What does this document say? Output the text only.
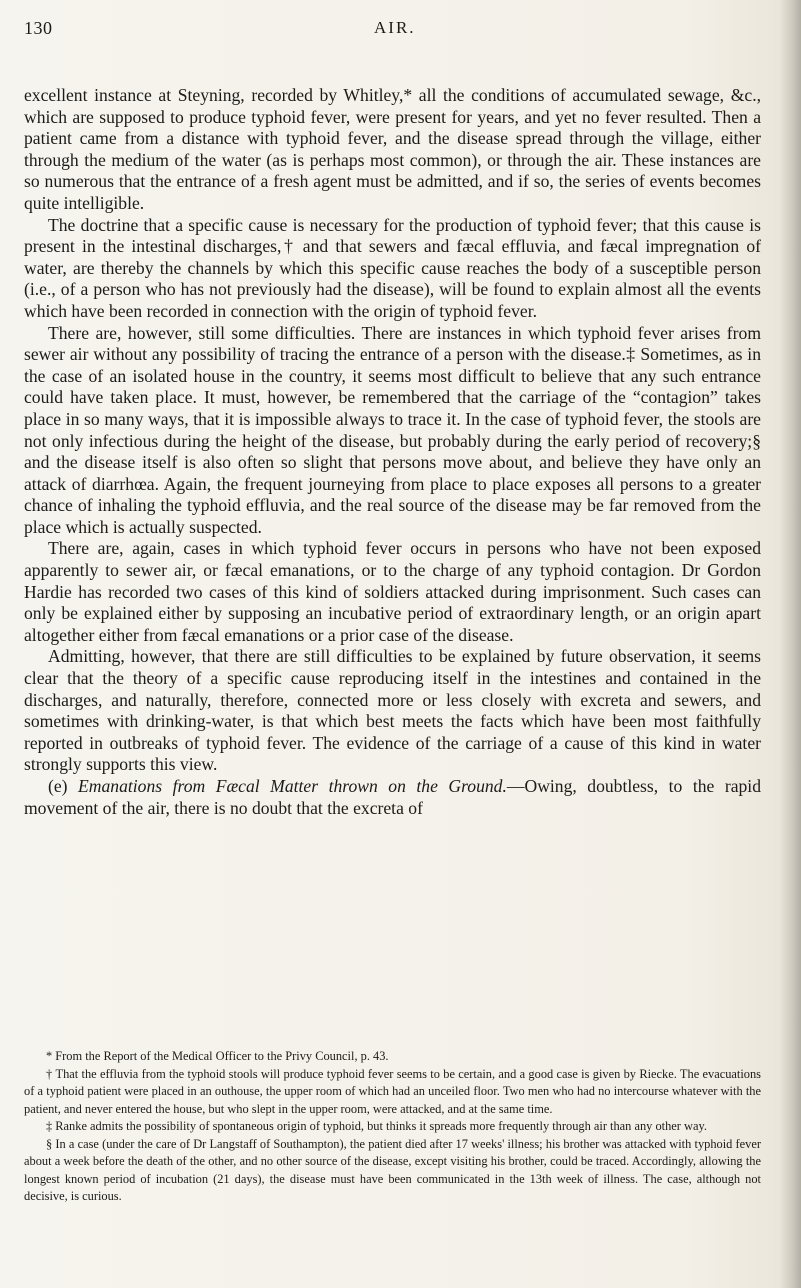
130	AIR.

excellent instance at Steyning, recorded by Whitley,* all the conditions of accumulated sewage, &c., which are supposed to produce typhoid fever, were present for years, and yet no fever resulted. Then a patient came from a distance with typhoid fever, and the disease spread through the village, either through the medium of the water (as is perhaps most common), or through the air. These instances are so numerous that the entrance of a fresh agent must be admitted, and if so, the series of events becomes quite intelligible.

The doctrine that a specific cause is necessary for the production of typhoid fever; that this cause is present in the intestinal discharges,† and that sewers and fæcal effluvia, and fæcal impregnation of water, are thereby the channels by which this specific cause reaches the body of a susceptible person (i.e., of a person who has not previously had the disease), will be found to explain almost all the events which have been recorded in connection with the origin of typhoid fever.

There are, however, still some difficulties. There are instances in which typhoid fever arises from sewer air without any possibility of tracing the entrance of a person with the disease.‡ Sometimes, as in the case of an isolated house in the country, it seems most difficult to believe that any such entrance could have taken place. It must, however, be remembered that the carriage of the “contagion” takes place in so many ways, that it is impossible always to trace it. In the case of typhoid fever, the stools are not only infectious during the height of the disease, but probably during the early period of recovery;§ and the disease itself is also often so slight that persons move about, and believe they have only an attack of diarrhœa. Again, the frequent journeying from place to place exposes all persons to a greater chance of inhaling the typhoid effluvia, and the real source of the disease may be far removed from the place which is actually suspected.

There are, again, cases in which typhoid fever occurs in persons who have not been exposed apparently to sewer air, or fæcal emanations, or to the charge of any typhoid contagion. Dr Gordon Hardie has recorded two cases of this kind of soldiers attacked during imprisonment. Such cases can only be explained either by supposing an incubative period of extraordinary length, or an origin apart altogether either from fæcal emanations or a prior case of the disease.

Admitting, however, that there are still difficulties to be explained by future observation, it seems clear that the theory of a specific cause reproducing itself in the intestines and contained in the discharges, and naturally, therefore, connected more or less closely with excreta and sewers, and sometimes with drinking-water, is that which best meets the facts which have been most faithfully reported in outbreaks of typhoid fever. The evidence of the carriage of a cause of this kind in water strongly supports this view.

(e) Emanations from Fæcal Matter thrown on the Ground.—Owing, doubtless, to the rapid movement of the air, there is no doubt that the excreta of

* From the Report of the Medical Officer to the Privy Council, p. 43.

† That the effluvia from the typhoid stools will produce typhoid fever seems to be certain, and a good case is given by Riecke. The evacuations of a typhoid patient were placed in an outhouse, the upper room of which had an unceiled floor. Two men who had no intercourse whatever with the patient, and never entered the house, but who slept in the upper room, were attacked, and at the same time.

‡ Ranke admits the possibility of spontaneous origin of typhoid, but thinks it spreads more frequently through air than any other way.

§ In a case (under the care of Dr Langstaff of Southampton), the patient died after 17 weeks' illness; his brother was attacked with typhoid fever about a week before the death of the other, and no other source of the disease, except visiting his brother, could be traced. Accordingly, allowing the longest known period of incubation (21 days), the disease must have been communicated in the 13th week of illness. The case, although not decisive, is curious.
